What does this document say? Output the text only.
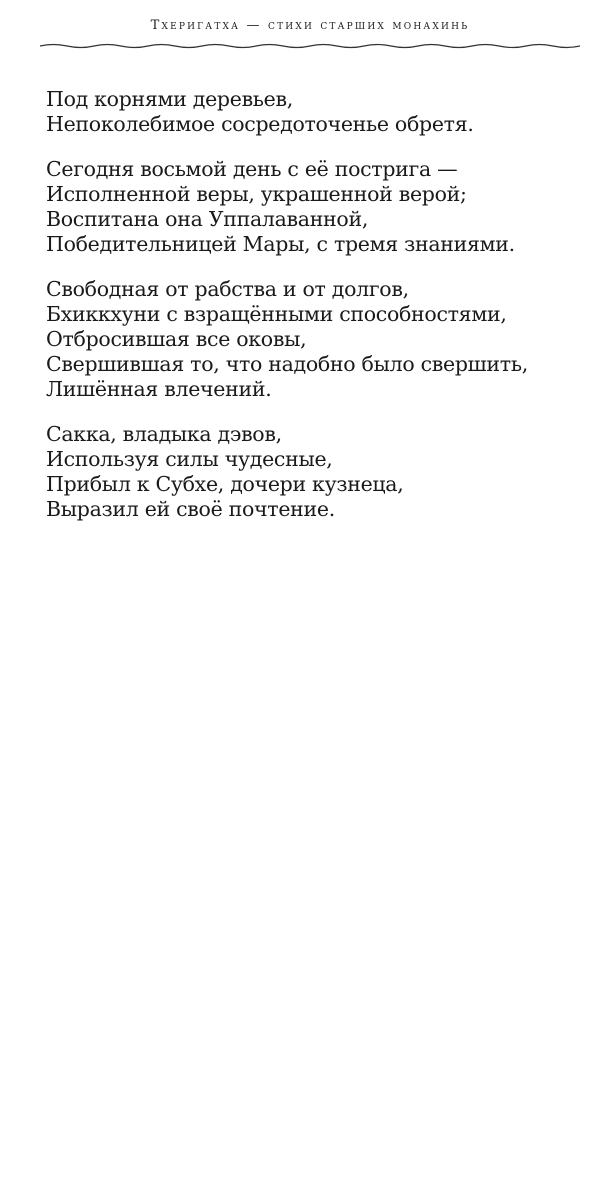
Тхеригатха — стихи старших монахинь
Под корнями деревьев,
Непоколебимое сосредоточенье обретя.
Сегодня восьмой день с её пострига —
Исполненной веры, украшенной верой;
Воспитана она Уппалаванной,
Победительницей Мары, с тремя знаниями.
Свободная от рабства и от долгов,
Бхиккхуни с взращёнными способностями,
Отбросившая все оковы,
Свершившая то, что надобно было свершить,
Лишённая влечений.
Сакка, владыка дэвов,
Используя силы чудесные,
Прибыл к Субхе, дочери кузнеца,
Выразил ей своё почтение.
